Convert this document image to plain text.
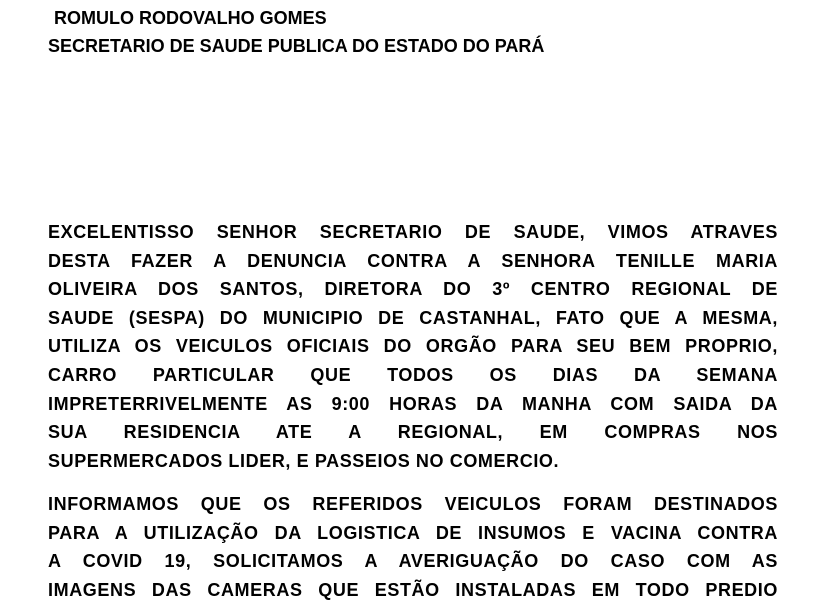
ROMULO RODOVALHO GOMES
SECRETARIO DE SAUDE PUBLICA DO ESTADO DO PARÁ
EXCELENTISSO SENHOR SECRETARIO DE SAUDE, VIMOS ATRAVES
DESTA FAZER A DENUNCIA CONTRA A SENHORA TENILLE MARIA
OLIVEIRA DOS SANTOS, DIRETORA DO 3º CENTRO REGIONAL DE
SAUDE (SESPA) DO MUNICIPIO DE CASTANHAL, FATO QUE A MESMA,
UTILIZA OS VEICULOS OFICIAIS DO ORGÃO PARA SEU BEM PROPRIO,
CARRO PARTICULAR QUE TODOS OS DIAS DA SEMANA
IMPRETERRIVELMENTE AS 9:00 HORAS DA MANHA COM SAIDA DA
SUA RESIDENCIA ATE A REGIONAL, EM COMPRAS NOS
SUPERMERCADOS LIDER, E PASSEIOS NO COMERCIO.
INFORMAMOS QUE OS REFERIDOS VEICULOS FORAM DESTINADOS
PARA A UTILIZAÇÃO DA LOGISTICA DE INSUMOS E VACINA CONTRA
A COVID 19, SOLICITAMOS A AVERIGUAÇÃO DO CASO COM AS
IMAGENS DAS CAMERAS QUE ESTÃO INSTALADAS EM TODO PREDIO
